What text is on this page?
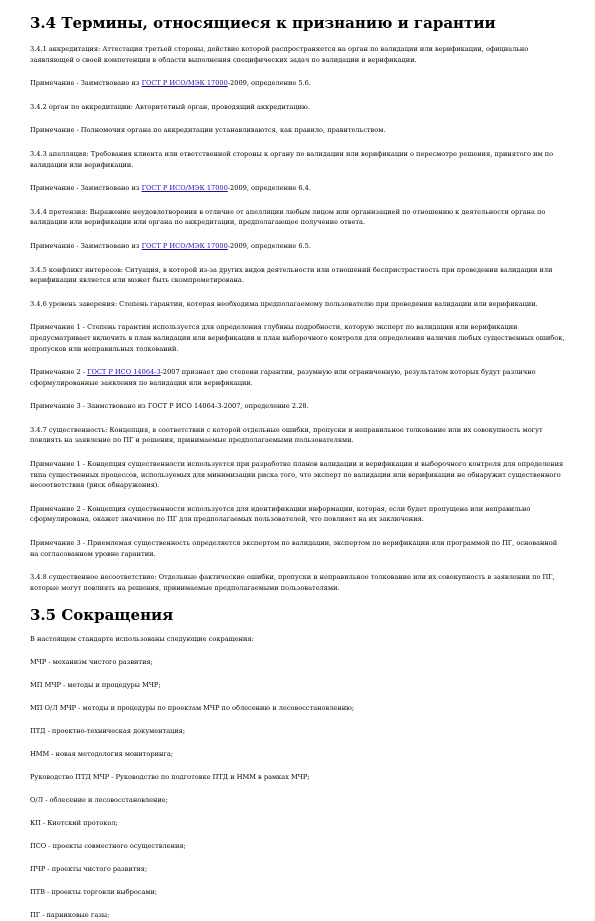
3.4 Термины, относящиеся к признанию и гарантии
3.4.1 аккредитация: Аттестация третьей стороны, действие которой распространяется на орган по валидации или верификации, официально заявляющей о своей компетенции в области выполнения специфических задач по валидации и верификации.
Примечание - Заимствовано из ГОСТ Р ИСО/МЭК 17000-2009, определение 5.6.
3.4.2 орган по аккредитации: Авторитетный орган, проводящий аккредитацию.
Примечание - Полномочия органа по аккредитации устанавливаются, как правило, правительством.
3.4.3 апелляция: Требования клиента или ответственной стороны к органу по валидации или верификации о пересмотре решения, принятого им по валидации или верификации.
Примечание - Заимствовано из ГОСТ Р ИСО/МЭК 17000-2009, определение 6.4.
3.4.4 претензия: Выражение неудовлетворения в отличие от апелляции любым лицом или организацией по отношению к деятельности органа по валидации или верификации или органа по аккредитации, предполагающее получение ответа.
Примечание - Заимствовано из ГОСТ Р ИСО/МЭК 17000-2009, определение 6.5.
3.4.5 конфликт интересов: Ситуация, в которой из-за других видов деятельности или отношений беспристрастность при проведении валидации или верификации является или может быть скомпрометирована.
3.4.6 уровень заверения: Степень гарантии, которая необходима предполагаемому пользователю при проведении валидации или верификации.
Примечание 1 - Степень гарантии используется для определения глубины подробности, которую эксперт по валидации или верификации предусматривает включить в план валидации или верификации и план выборочного контроля для определения наличия любых существенных ошибок, пропусков или неправильных толкований.
Примечание 2 - ГОСТ Р ИСО 14064-3-2007 признает две степени гарантии, разумную или ограниченную, результатом которых будут различно сформулированные заявления по валидации или верификации.
Примечание 3 - Заимствовано из ГОСТ Р ИСО 14064-3-2007, определение 2.28.
3.4.7 существенность: Концепция, в соответствии с которой отдельные ошибки, пропуски и неправильное толкование или их совокупность могут повлиять на заявление по ПГ и решения, принимаемые предполагаемыми пользователями.
Примечание 1 - Концепция существенности используется при разработке планов валидации и верификации и выборочного контроля для определения типа существенных процессов, используемых для минимизации риска того, что эксперт по валидации или верификации не обнаружит существенного несоответствия (риск обнаружения).
Примечание 2 - Концепция существенности используется для идентификации информации, которая, если будет пропущена или неправильно сформулирована, окажет значимое по ПГ для предполагаемых пользователей, что повлияет на их заключения.
Примечание 3 - Приемлемая существенность определяется экспертом по валидации, экспертом по верификации или программой по ПГ, основанной на согласованном уровне гарантии.
3.4.8 существенное несоответствие: Отдельные фактические ошибки, пропуски и неправильное толкование или их совокупность в заявлении по ПГ, которые могут повлиять на решения, принимаемые предполагаемыми пользователями.
3.5 Сокращения
В настоящем стандарте использованы следующие сокращения:
МЧР - механизм чистого развития;
МП МЧР - методы и процедуры МЧР;
МП О/Л МЧР - методы и процедуры по проектам МЧР по облесению и лесовосстановлению;
ПТД - проектно-техническая документация;
НММ - новая методология мониторинга;
Руководство ПТД МЧР - Руководство по подготовке ПТД и НММ в рамках МЧР;
О/Л - облесение и лесовосстановление;
КП - Киотский протокол;
ПСО - проекты совместного осуществления;
ПЧР - проекты чистого развития;
ПТВ - проекты торговли выбросами;
ПГ - парниковые газы;
